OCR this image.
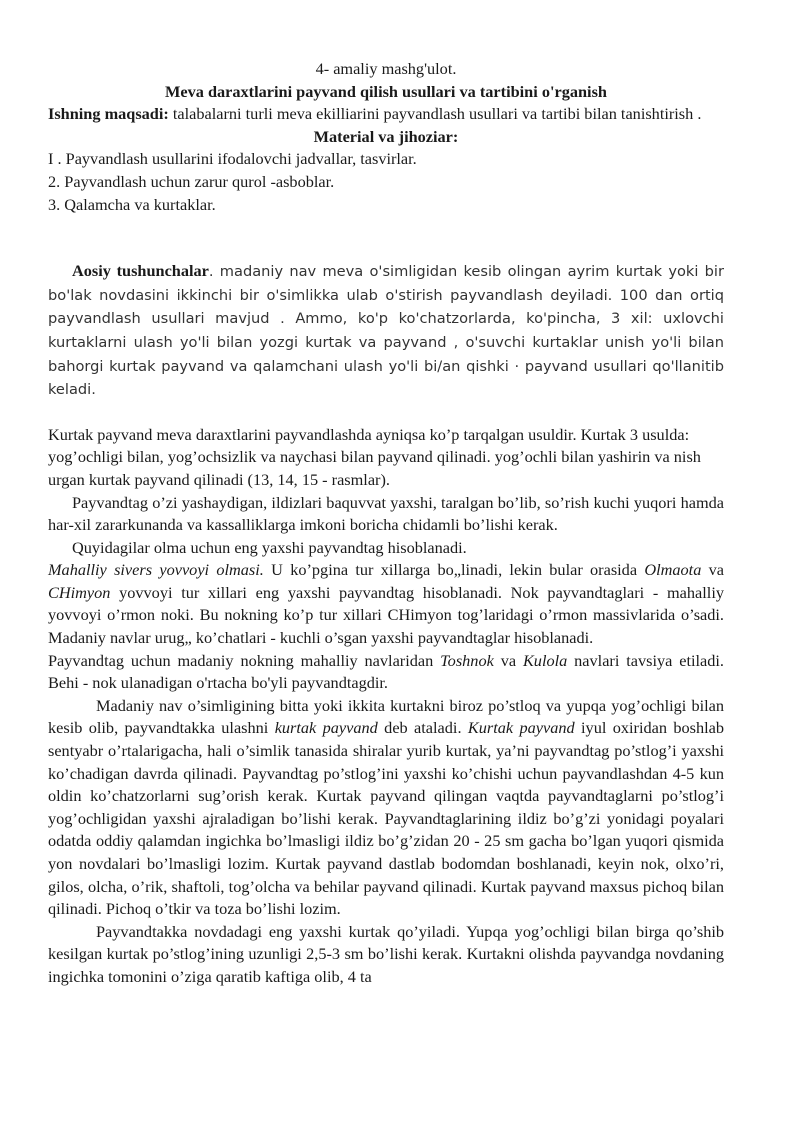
4- amaliy mashg'ulot.

Meva daraxtlarini payvand qilish usullari va tartibini o'rganish

Ishning maqsadi: talabalarni turli meva ekilliarini payvandlash usullari va tartibi bilan tanishtirish .

Material va jihoziar:

I . Payvandlash usullarini ifodalovchi jadvallar, tasvirlar.

2. Payvandlash uchun zarur qurol -asboblar.

3. Qalamcha va kurtaklar.

Aosiy tushunchalar. madaniy nav meva o'simligidan kesib olingan ayrim kurtak yoki bir bo'lak novdasini ikkinchi bir o'simlikka ulab o'stirish payvandlash deyiladi. 100 dan ortiq payvandlash usullari mavjud . Ammo, ko'p ko'chatzorlarda, ko'pincha, 3 xil: uxlovchi kurtaklarni ulash yo'li bilan yozgi kurtak va payvand , o'suvchi kurtaklar unish yo'li bilan bahorgi kurtak payvand va qalamchani ulash yo'li bi/an qishki · payvand usullari qo'llanitib keladi.

Kurtak payvand meva daraxtlarini payvandlashda ayniqsa ko’p tarqalgan usuldir. Kurtak 3 usulda: yog’ochligi bilan, yog’ochsizlik va naychasi bilan payvand qilinadi. yog’ochli bilan yashirin va nish urgan kurtak payvand qilinadi (13, 14, 15 - rasmlar).

Payvandtag o’zi yashaydigan, ildizlari baquvvat yaxshi, taralgan bo’lib, so’rish kuchi yuqori hamda har-xil zararkunanda va kassalliklarga imkoni boricha chidamli bo’lishi kerak.

Quyidagilar olma uchun eng yaxshi payvandtag hisoblanadi.

Mahalliy sivers yovvoyi olmasi. U ko’pgina tur xillarga bo„linadi, lekin bular orasida Olmaota va CHimyon yovvoyi tur xillari eng yaxshi payvandtag hisoblanadi. Nok payvandtaglari - mahalliy yovvoyi o’rmon noki. Bu nokning ko’p tur xillari CHimyon tog’laridagi o’rmon massivlarida o’sadi. Madaniy navlar urug„ ko’chatlari - kuchli o’sgan yaxshi payvandtaglar hisoblanadi.

Payvandtag uchun madaniy nokning mahalliy navlaridan Toshnok va Kulola navlari tavsiya etiladi. Behi - nok ulanadigan o'rtacha bo'yli payvandtagdir.

Madaniy nav o’simligining bitta yoki ikkita kurtakni biroz po’stloq va yupqa yog’ochligi bilan kesib olib, payvandtakka ulashni kurtak payvand deb ataladi. Kurtak payvand iyul oxiridan boshlab sentyabr o’rtalarigacha, hali o’simlik tanasida shiralar yurib kurtak, ya’ni payvandtag po’stlog’i yaxshi ko’chadigan davrda qilinadi. Payvandtag po’stlog’ini yaxshi ko’chishi uchun payvandlashdan 4-5 kun oldin ko’chatzorlarni sug’orish kerak. Kurtak payvand qilingan vaqtda payvandtaglarni po’stlog’i yog’ochligidan yaxshi ajraladigan bo’lishi kerak. Payvandtaglarining ildiz bo’g’zi yonidagi poyalari odatda oddiy qalamdan ingichka bo’lmasligi ildiz bo’g’zidan 20 - 25 sm gacha bo’lgan yuqori qismida yon novdalari bo’lmasligi lozim. Kurtak payvand dastlab bodomdan boshlanadi, keyin nok, olxo’ri, gilos, olcha, o’rik, shaftoli, tog’olcha va behilar payvand qilinadi. Kurtak payvand maxsus pichoq bilan qilinadi. Pichoq o’tkir va toza bo’lishi lozim.

Payvandtakka novdadagi eng yaxshi kurtak qo’yiladi. Yupqa yog’ochligi bilan birga qo’shib kesilgan kurtak po’stlog’ining uzunligi 2,5-3 sm bo’lishi kerak. Kurtakni olishda payvandga novdaning ingichka tomonini o’ziga qaratib kaftiga olib, 4 ta
